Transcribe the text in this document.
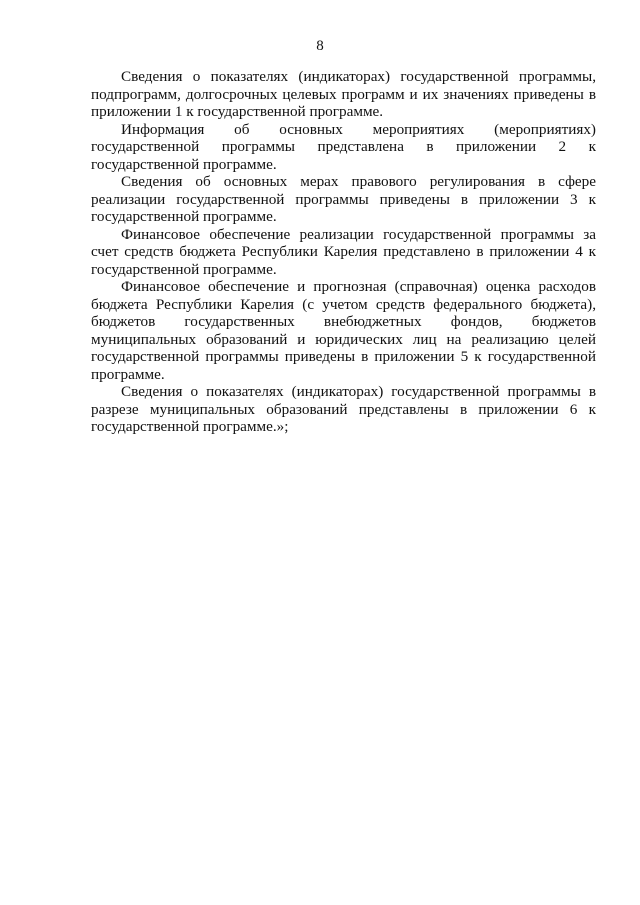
8

Сведения о показателях (индикаторах) государственной программы, подпрограмм, долгосрочных целевых программ и их значениях приведены в приложении 1 к государственной программе.

Информация об основных мероприятиях (мероприятиях) государственной программы представлена в приложении 2 к государственной программе.

Сведения об основных мерах правового регулирования в сфере реализации государственной программы приведены в приложении 3 к государственной программе.

Финансовое обеспечение реализации государственной программы за счет средств бюджета Республики Карелия представлено в приложении 4 к государственной программе.

Финансовое обеспечение и прогнозная (справочная) оценка расходов бюджета Республики Карелия (с учетом средств федерального бюджета), бюджетов государственных внебюджетных фондов, бюджетов муниципальных образований и юридических лиц на реализацию целей государственной программы приведены в приложении 5 к государственной программе.

Сведения о показателях (индикаторах) государственной программы в разрезе муниципальных образований представлены в приложении 6 к государственной программе.»;
